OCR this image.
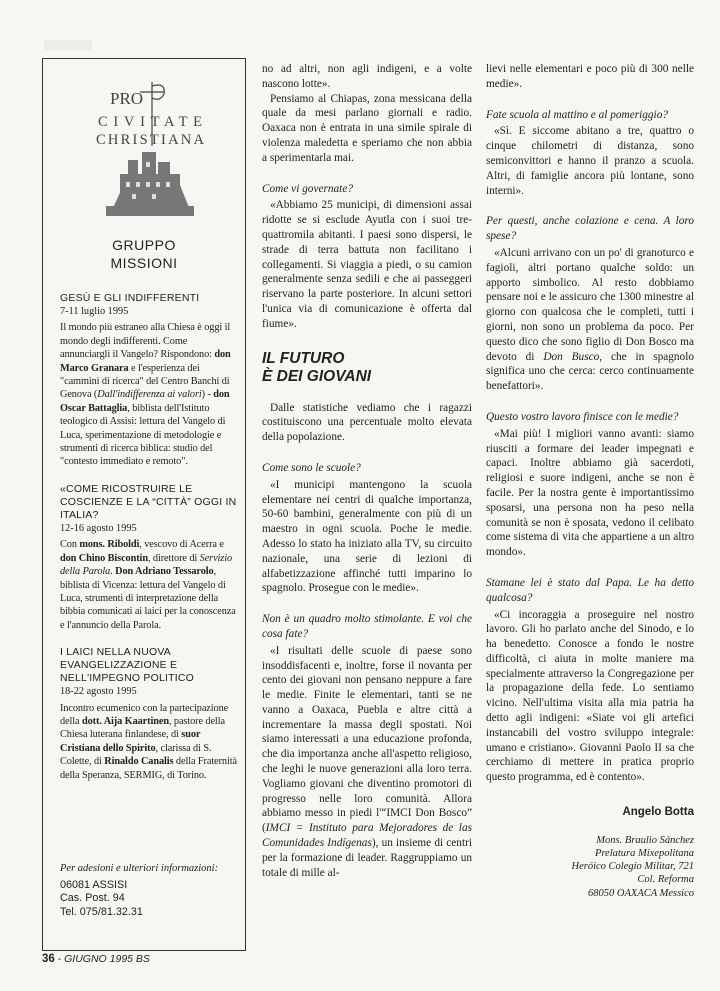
PRO
CIVITATE
CHRISTIANA
GRUPPO
MISSIONI
GESÙ E GLI INDIFFERENTI
7-11 luglio 1995

Il mondo più estraneo alla Chiesa è oggi il mondo degli indifferenti. Come annunciargli il Vangelo? Rispondono: don Marco Granara e l'esperienza dei "cammini di ricerca" del Centro Banchi di Genova (Dall'indifferenza ai valori) - don Oscar Battaglia, biblista dell'Istituto teologico di Assisi: lettura del Vangelo di Luca, sperimentazione di metodologie e strumenti di ricerca biblica: studio del "contesto immediato e remoto".

«COME RICOSTRUIRE LE COSCIENZE E LA “CITTÀ” OGGI IN ITALIA?
12-16 agosto 1995

Con mons. Riboldi, vescovo di Acerra e don Chino Biscontin, direttore di Servizio della Parola. Don Adriano Tessarolo, biblista di Vicenza: lettura del Vangelo di Luca, strumenti di interpretazione della bibbia comunicati ai laici per la conoscenza e l'annuncio della Parola.

I LAICI NELLA NUOVA EVANGELIZZAZIONE E NELL'IMPEGNO POLITICO
18-22 agosto 1995

Incontro ecumenico con la partecipazione della dott. Aija Kaartinen, pastore della Chiesa luterana finlandese, di suor Cristiana dello Spirito, clarissa di S. Colette, di Rinaldo Canalis della Fraternità della Speranza, SERMIG, di Torino.

Per adesioni e ulteriori informazioni:
06081 ASSISI
Cas. Post. 94
Tel. 075/81.32.31

no ad altri, non agli indigeni, e a volte nascono lotte».

Pensiamo al Chiapas, zona messicana della quale da mesi parlano giornali e radio. Oaxaca non è entrata in una simile spirale di violenza maledetta e speriamo che non abbia a sperimentarla mai.

Come vi governate?

«Abbiamo 25 municipi, di dimensioni assai ridotte se si esclude Ayutla con i suoi tre-quattromila abitanti. I paesi sono dispersi, le strade di terra battuta non facilitano i collegamenti. Si viaggia a piedi, o su camion generalmente senza sedili e che ai passeggeri riservano la parte posteriore. In alcuni settori l'unica via di comunicazione è offerta dal fiume».

IL FUTURO
È DEI GIOVANI

Dalle statistiche vediamo che i ragazzi costituiscono una percentuale molto elevata della popolazione.

Come sono le scuole?

«I municipi mantengono la scuola elementare nei centri di qualche importanza, 50-60 bambini, generalmente con più di un maestro in ogni scuola. Poche le medie. Adesso lo stato ha iniziato alla TV, su circuito nazionale, una serie di lezioni di alfabetizzazione affinché tutti imparino lo spagnolo. Prosegue con le medie».

Non è un quadro molto stimolante. E voi che cosa fate?

«I risultati delle scuole di paese sono insoddisfacenti e, inoltre, forse il novanta per cento dei giovani non pensano neppure a fare le medie. Finite le elementari, tanti se ne vanno a Oaxaca, Puebla e altre città a incrementare la massa degli spostati. Noi siamo interessati a una educazione profonda, che dia importanza anche all'aspetto religioso, che leghi le nuove generazioni alla loro terra. Vogliamo giovani che diventino promotori di progresso nelle loro comunità. Allora abbiamo messo in piedi l'“IMCI Don Bosco” (IMCI = Instituto para Mejoradores de las Comunidades Indígenas), un insieme di centri per la formazione di leader. Raggruppiamo un totale di mille al-

lievi nelle elementari e poco più di 300 nelle medie».

Fate scuola al mattino e al pomeriggio?

«Sì. E siccome abitano a tre, quattro o cinque chilometri di distanza, sono semiconvittori e hanno il pranzo a scuola. Altri, di famiglie ancora più lontane, sono interni».

Per questi, anche colazione e cena. A loro spese?

«Alcuni arrivano con un po' di granoturco e fagioli, altri portano qualche soldo: un apporto simbolico. Al resto dobbiamo pensare noi e le assicuro che 1300 minestre al giorno con qualcosa che le completi, tutti i giorni, non sono un problema da poco. Per questo dico che sono figlio di Don Bosco ma devoto di Don Busco, che in spagnolo significa uno che cerca: cerco continuamente benefattori».

Questo vostro lavoro finisce con le medie?

«Mai più! I migliori vanno avanti: siamo riusciti a formare dei leader impegnati e capaci. Inoltre abbiamo già sacerdoti, religiosi e suore indigeni, anche se non è facile. Per la nostra gente è importantissimo sposarsi, una persona non ha peso nella comunità se non è sposata, vedono il celibato come sistema di vita che appartiene a un altro mondo».

Stamane lei è stato dal Papa. Le ha detto qualcosa?

«Ci incoraggia a proseguire nel nostro lavoro. Gli ho parlato anche del Sinodo, e lo ha benedetto. Conosce a fondo le nostre difficoltà, ci aiuta in molte maniere ma specialmente attraverso la Congregazione per la propagazione della fede. Lo sentiamo vicino. Nell'ultima visita alla mia patria ha detto agli indigeni: «Siate voi gli artefici instancabili del vostro sviluppo integrale: umano e cristiano». Giovanni Paolo II sa che cerchiamo di mettere in pratica proprio questo programma, ed è contento».

Angelo Botta
Mons. Braulio Sánchez
Prelatura Mixepolitana
Heróico Colegio Militar, 721
Col. Reforma
68050 OAXACA Messico
36 - GIUGNO 1995 BS
